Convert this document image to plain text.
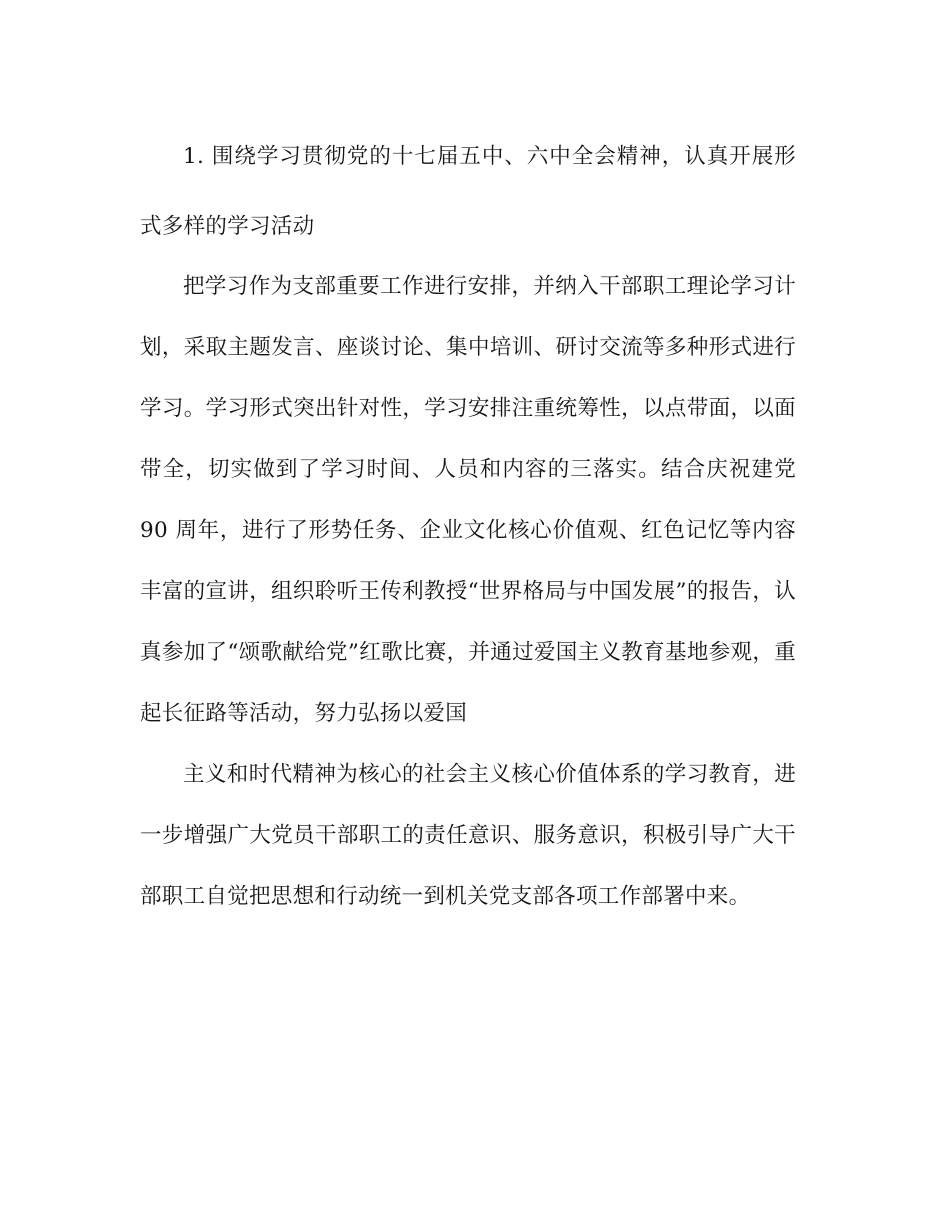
1. 围绕学习贯彻党的十七届五中、六中全会精神，认真开展形式多样的学习活动

把学习作为支部重要工作进行安排，并纳入干部职工理论学习计划，采取主题发言、座谈讨论、集中培训、研讨交流等多种形式进行学习。学习形式突出针对性，学习安排注重统筹性，以点带面，以面带全，切实做到了学习时间、人员和内容的三落实。结合庆祝建党 90 周年，进行了形势任务、企业文化核心价值观、红色记忆等内容丰富的宣讲，组织聆听王传利教授“世界格局与中国发展”的报告，认真参加了“颂歌献给党”红歌比赛，并通过爱国主义教育基地参观，重起长征路等活动，努力弘扬以爱国

主义和时代精神为核心的社会主义核心价值体系的学习教育，进一步增强广大党员干部职工的责任意识、服务意识，积极引导广大干部职工自觉把思想和行动统一到机关党支部各项工作部署中来。
